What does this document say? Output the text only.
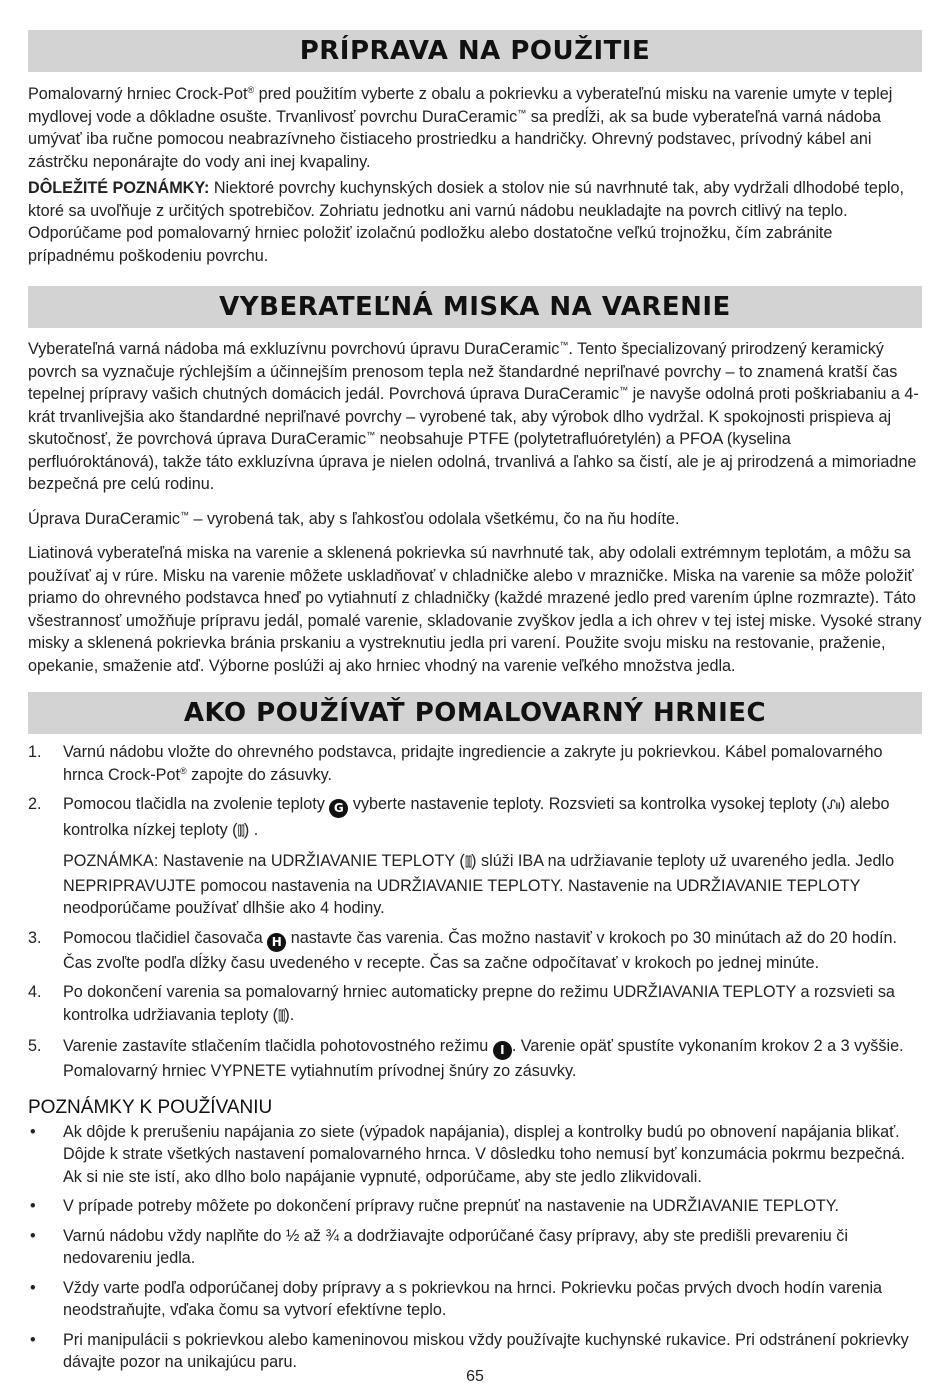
PRÍPRAVA NA POUŽITIE

Pomalovarný hrniec Crock-Pot® pred použitím vyberte z obalu a pokrievku a vyberateľnú misku na varenie umyte v teplej mydlovej vode a dôkladne osušte. Trvanlivosť povrchu DuraCeramic™ sa predĺži, ak sa bude vyberateľná varná nádoba umývať iba ručne pomocou neabrazívneho čistiaceho prostriedku a handričky. Ohrevný podstavec, prívodný kábel ani zástrčku neponárajte do vody ani inej kvapaliny.

DÔLEŽITÉ POZNÁMKY: Niektoré povrchy kuchynských dosiek a stolov nie sú navrhnuté tak, aby vydržali dlhodobé teplo, ktoré sa uvoľňuje z určitých spotrebičov. Zohriatu jednotku ani varnú nádobu neukladajte na povrch citlivý na teplo. Odporúčame pod pomalovarný hrniec položiť izolačnú podložku alebo dostatočne veľkú trojnožku, čím zabránite prípadnému poškodeniu povrchu.

VYBERATEĽNÁ MISKA NA VARENIE

Vyberateľná varná nádoba má exkluzívnu povrchovú úpravu DuraCeramic™. Tento špecializovaný prirodzený keramický povrch sa vyznačuje rýchlejším a účinnejším prenosom tepla než štandardné nepriľnavé povrchy – to znamená kratší čas tepelnej prípravy vašich chutných domácich jedál. Povrchová úprava DuraCeramic™ je navyše odolná proti poškriabaniu a 4-krát trvanlivejšia ako štandardné nepriľnavé povrchy – vyrobené tak, aby výrobok dlho vydržal. K spokojnosti prispieva aj skutočnosť, že povrchová úprava DuraCeramic™ neobsahuje PTFE (polytetrafluóretylén) a PFOA (kyselina perfluóroktánová), takže táto exkluzívna úprava je nielen odolná, trvanlivá a ľahko sa čistí, ale je aj prirodzená a mimoriadne bezpečná pre celú rodinu.

Úprava DuraCeramic™ – vyrobená tak, aby s ľahkosťou odolala všetkému, čo na ňu hodíte.

Liatinová vyberateľná miska na varenie a sklenená pokrievka sú navrhnuté tak, aby odolali extrémnym teplotám, a môžu sa používať aj v rúre. Misku na varenie môžete uskladňovať v chladničke alebo v mrazničke. Miska na varenie sa môže položiť priamo do ohrevného podstavca hneď po vytiahnutí z chladničky (každé mrazené jedlo pred varením úplne rozmrazte). Táto všestrannosť umožňuje prípravu jedál, pomalé varenie, skladovanie zvyškov jedla a ich ohrev v tej istej miske. Vysoké strany misky a sklenená pokrievka bránia prskaniu a vystreknutiu jedla pri varení. Použite svoju misku na restovanie, praženie, opekanie, smaženie atď. Výborne poslúži aj ako hrniec vhodný na varenie veľkého množstva jedla.

AKO POUŽÍVAŤ POMALOVARNÝ HRNIEC
1. Varnú nádobu vložte do ohrevného podstavca, pridajte ingrediencie a zakryte ju pokrievkou. Kábel pomalovarného hrnca Crock-Pot® zapojte do zásuvky.
2. Pomocou tlačidla na zvolenie teploty G vyberte nastavenie teploty. Rozsvieti sa kontrolka vysokej teploty (ᔑIII) alebo kontrolka nízkej teploty (⫿⫿) .
POZNÁMKA: Nastavenie na UDRŽIAVANIE TEPLOTY (⫿⫿) slúži IBA na udržiavanie teploty už uvareného jedla. Jedlo NEPRIPRAVUJTE pomocou nastavenia na UDRŽIAVANIE TEPLOTY. Nastavenie na UDRŽIAVANIE TEPLOTY neodporúčame používať dlhšie ako 4 hodiny.
3. Pomocou tlačidiel časovača H nastavte čas varenia. Čas možno nastaviť v krokoch po 30 minútach až do 20 hodín. Čas zvoľte podľa dĺžky času uvedeného v recepte. Čas sa začne odpočítavať v krokoch po jednej minúte.
4. Po dokončení varenia sa pomalovarný hrniec automaticky prepne do režimu UDRŽIAVANIA TEPLOTY a rozsvieti sa kontrolka udržiavania teploty (⫿⫿).
5. Varenie zastavíte stlačením tlačidla pohotovostného režimu I . Varenie opäť spustíte vykonaním krokov 2 a 3 vyššie. Pomalovarný hrniec VYPNETE vytiahnutím prívodnej šnúry zo zásuvky.
POZNÁMKY K POUŽÍVANIU
• Ak dôjde k prerušeniu napájania zo siete (výpadok napájania), displej a kontrolky budú po obnovení napájania blikať. Dôjde k strate všetkých nastavení pomalovarného hrnca. V dôsledku toho nemusí byť konzumácia pokrmu bezpečná. Ak si nie ste istí, ako dlho bolo napájanie vypnuté, odporúčame, aby ste jedlo zlikvidovali.
• V prípade potreby môžete po dokončení prípravy ručne prepnúť na nastavenie na UDRŽIAVANIE TEPLOTY.
• Varnú nádobu vždy naplňte do ½ až ¾ a dodržiavajte odporúčané časy prípravy, aby ste predišli prevareniu či nedovareniu jedla.
• Vždy varte podľa odporúčanej doby prípravy a s pokrievkou na hrnci. Pokrievku počas prvých dvoch hodín varenia neodstraňujte, vďaka čomu sa vytvorí efektívne teplo.
• Pri manipulácii s pokrievkou alebo kameninovou miskou vždy používajte kuchynské rukavice. Pri odstránení pokrievky dávajte pozor na unikajúcu paru.
65
